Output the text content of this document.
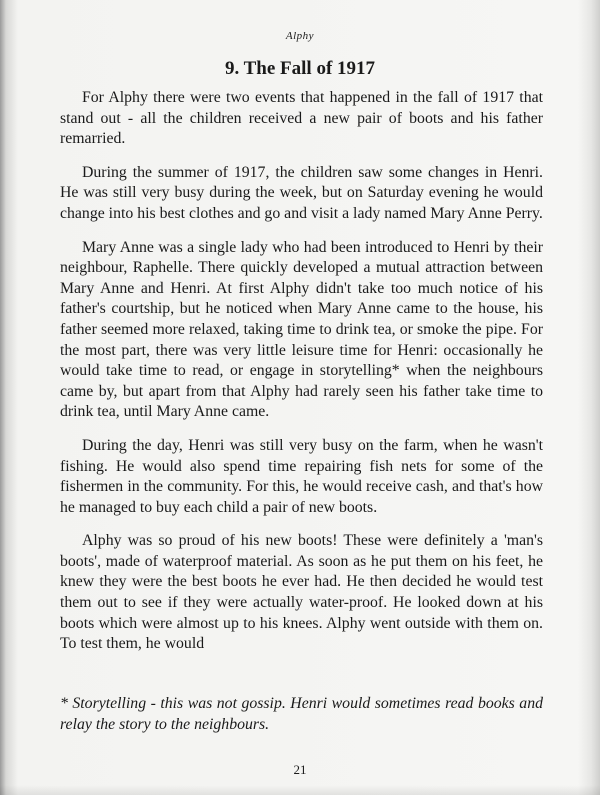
Alphy
9. The Fall of 1917

For Alphy there were two events that happened in the fall of 1917 that stand out - all the children received a new pair of boots and his father remarried.

During the summer of 1917, the children saw some changes in Henri. He was still very busy during the week, but on Saturday evening he would change into his best clothes and go and visit a lady named Mary Anne Perry.

Mary Anne was a single lady who had been introduced to Henri by their neighbour, Raphelle. There quickly developed a mutual attraction between Mary Anne and Henri. At first Alphy didn't take too much notice of his father's courtship, but he noticed when Mary Anne came to the house, his father seemed more relaxed, taking time to drink tea, or smoke the pipe. For the most part, there was very little leisure time for Henri: occasionally he would take time to read, or engage in storytelling* when the neighbours came by, but apart from that Alphy had rarely seen his father take time to drink tea, until Mary Anne came.

During the day, Henri was still very busy on the farm, when he wasn't fishing. He would also spend time repairing fish nets for some of the fishermen in the community. For this, he would receive cash, and that's how he managed to buy each child a pair of new boots.

Alphy was so proud of his new boots! These were definitely a 'man's boots', made of waterproof material. As soon as he put them on his feet, he knew they were the best boots he ever had. He then decided he would test them out to see if they were actually water-proof. He looked down at his boots which were almost up to his knees. Alphy went outside with them on. To test them, he would

* Storytelling - this was not gossip. Henri would sometimes read books and relay the story to the neighbours.
21
